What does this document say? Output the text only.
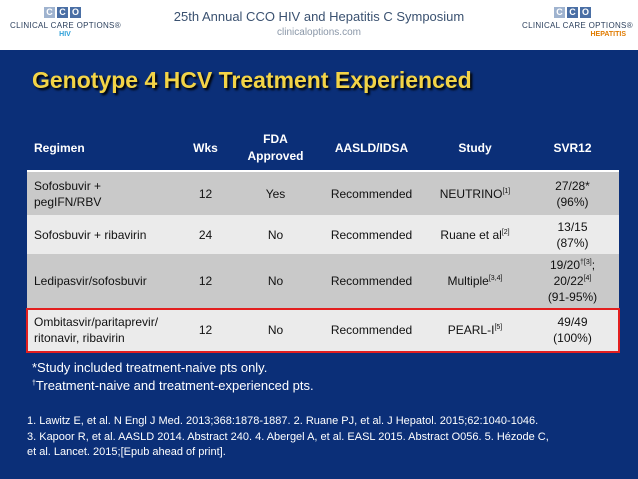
C C O
CLINICAL CARE OPTIONS®
HIV
25th Annual CCO HIV and Hepatitis C Symposium
clinicaloptions.com
C C O
CLINICAL CARE OPTIONS®
HEPATITIS
Genotype 4 HCV Treatment Experienced
Regimen	Wks	FDA Approved	AASLD/IDSA	Study	SVR12
Sofosbuvir +
pegIFN/RBV	12	Yes	Recommended	NEUTRINO[1]	27/28*
(96%)
Sofosbuvir + ribavirin	24	No	Recommended	Ruane et al[2]	13/15
(87%)
Ledipasvir/sofosbuvir	12	No	Recommended	Multiple[3,4]	$19/20^{\dagger[3]}$;
20/22[4]
(91-95%)
Ombitasvir/paritaprevir/
ritonavir, ribavirin	12	No	Recommended	PEARL-I[5]	49/49
(100%)
*Study included treatment-naive pts only.
†Treatment-naive and treatment-experienced pts.
1. Lawitz E, et al. N Engl J Med. 2013;368:1878-1887. 2. Ruane PJ, et al. J Hepatol. 2015;62:1040-1046.
3. Kapoor R, et al. AASLD 2014. Abstract 240. 4. Abergel A, et al. EASL 2015. Abstract O056. 5. Hézode C,
et al. Lancet. 2015;[Epub ahead of print].
